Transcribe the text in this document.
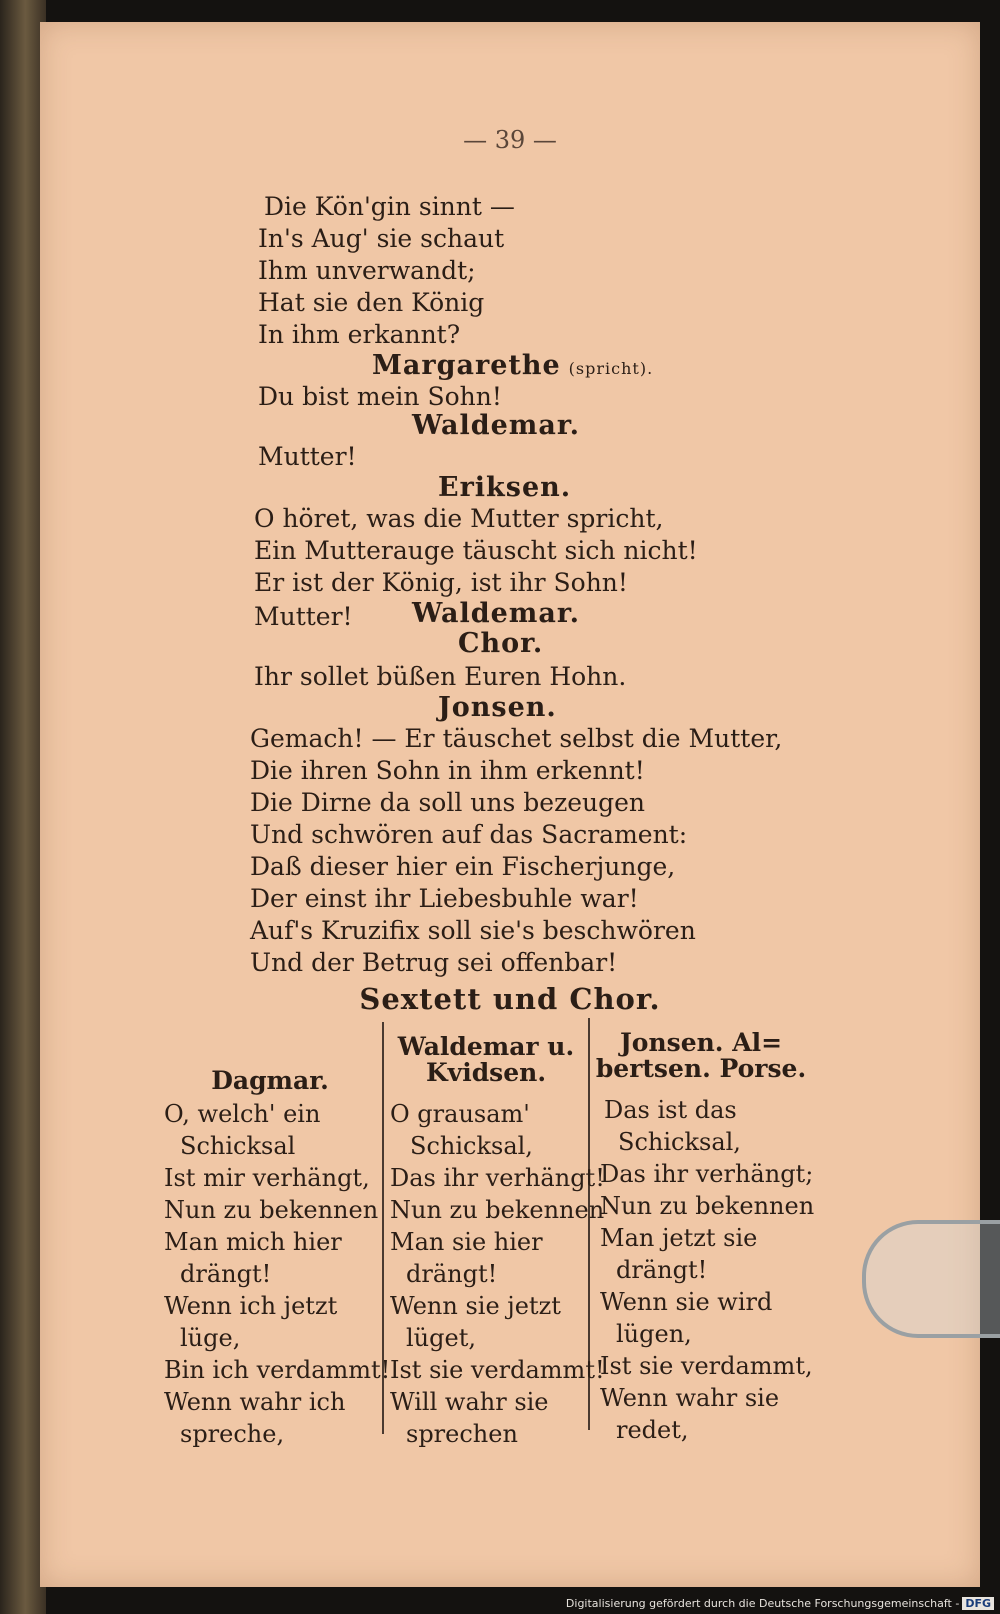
— 39 —
Die Kön'gin sinnt —
In's Aug' sie schaut
Ihm unverwandt;
Hat sie den König
In ihm erkannt?
Margarethe (spricht).
Du bist mein Sohn!
Waldemar.
Mutter!
Eriksen.
O höret, was die Mutter spricht,
Ein Mutterauge täuscht sich nicht!
Er ist der König, ist ihr Sohn!
Mutter! Waldemar.
Chor.
Ihr sollet büßen Euren Hohn.
Jonsen.
Gemach! — Er täuschet selbst die Mutter,
Die ihren Sohn in ihm erkennt!
Die Dirne da soll uns bezeugen
Und schwören auf das Sacrament:
Daß dieser hier ein Fischerjunge,
Der einst ihr Liebesbuhle war!
Auf's Kruzifix soll sie's beschwören
Und der Betrug sei offenbar!
Sextett und Chor.
Dagmar.
O, welch' ein
Schicksal
Ist mir verhängt,
Nun zu bekennen
Man mich hier
drängt!
Wenn ich jetzt
lüge,
Bin ich verdammt!
Wenn wahr ich
spreche,
Waldemar u.
Kvidsen.
O grausam'
Schicksal,
Das ihr verhängt!
Nun zu bekennen
Man sie hier
drängt!
Wenn sie jetzt
lüget,
Ist sie verdammt!
Will wahr sie
sprechen
Jonsen. Al=
bertsen. Porse.
Das ist das
Schicksal,
Das ihr verhängt;
Nun zu bekennen
Man jetzt sie
drängt!
Wenn sie wird
lügen,
Ist sie verdammt,
Wenn wahr sie
redet,
Digitalisierung gefördert durch die Deutsche Forschungsgemeinschaft - DFG
